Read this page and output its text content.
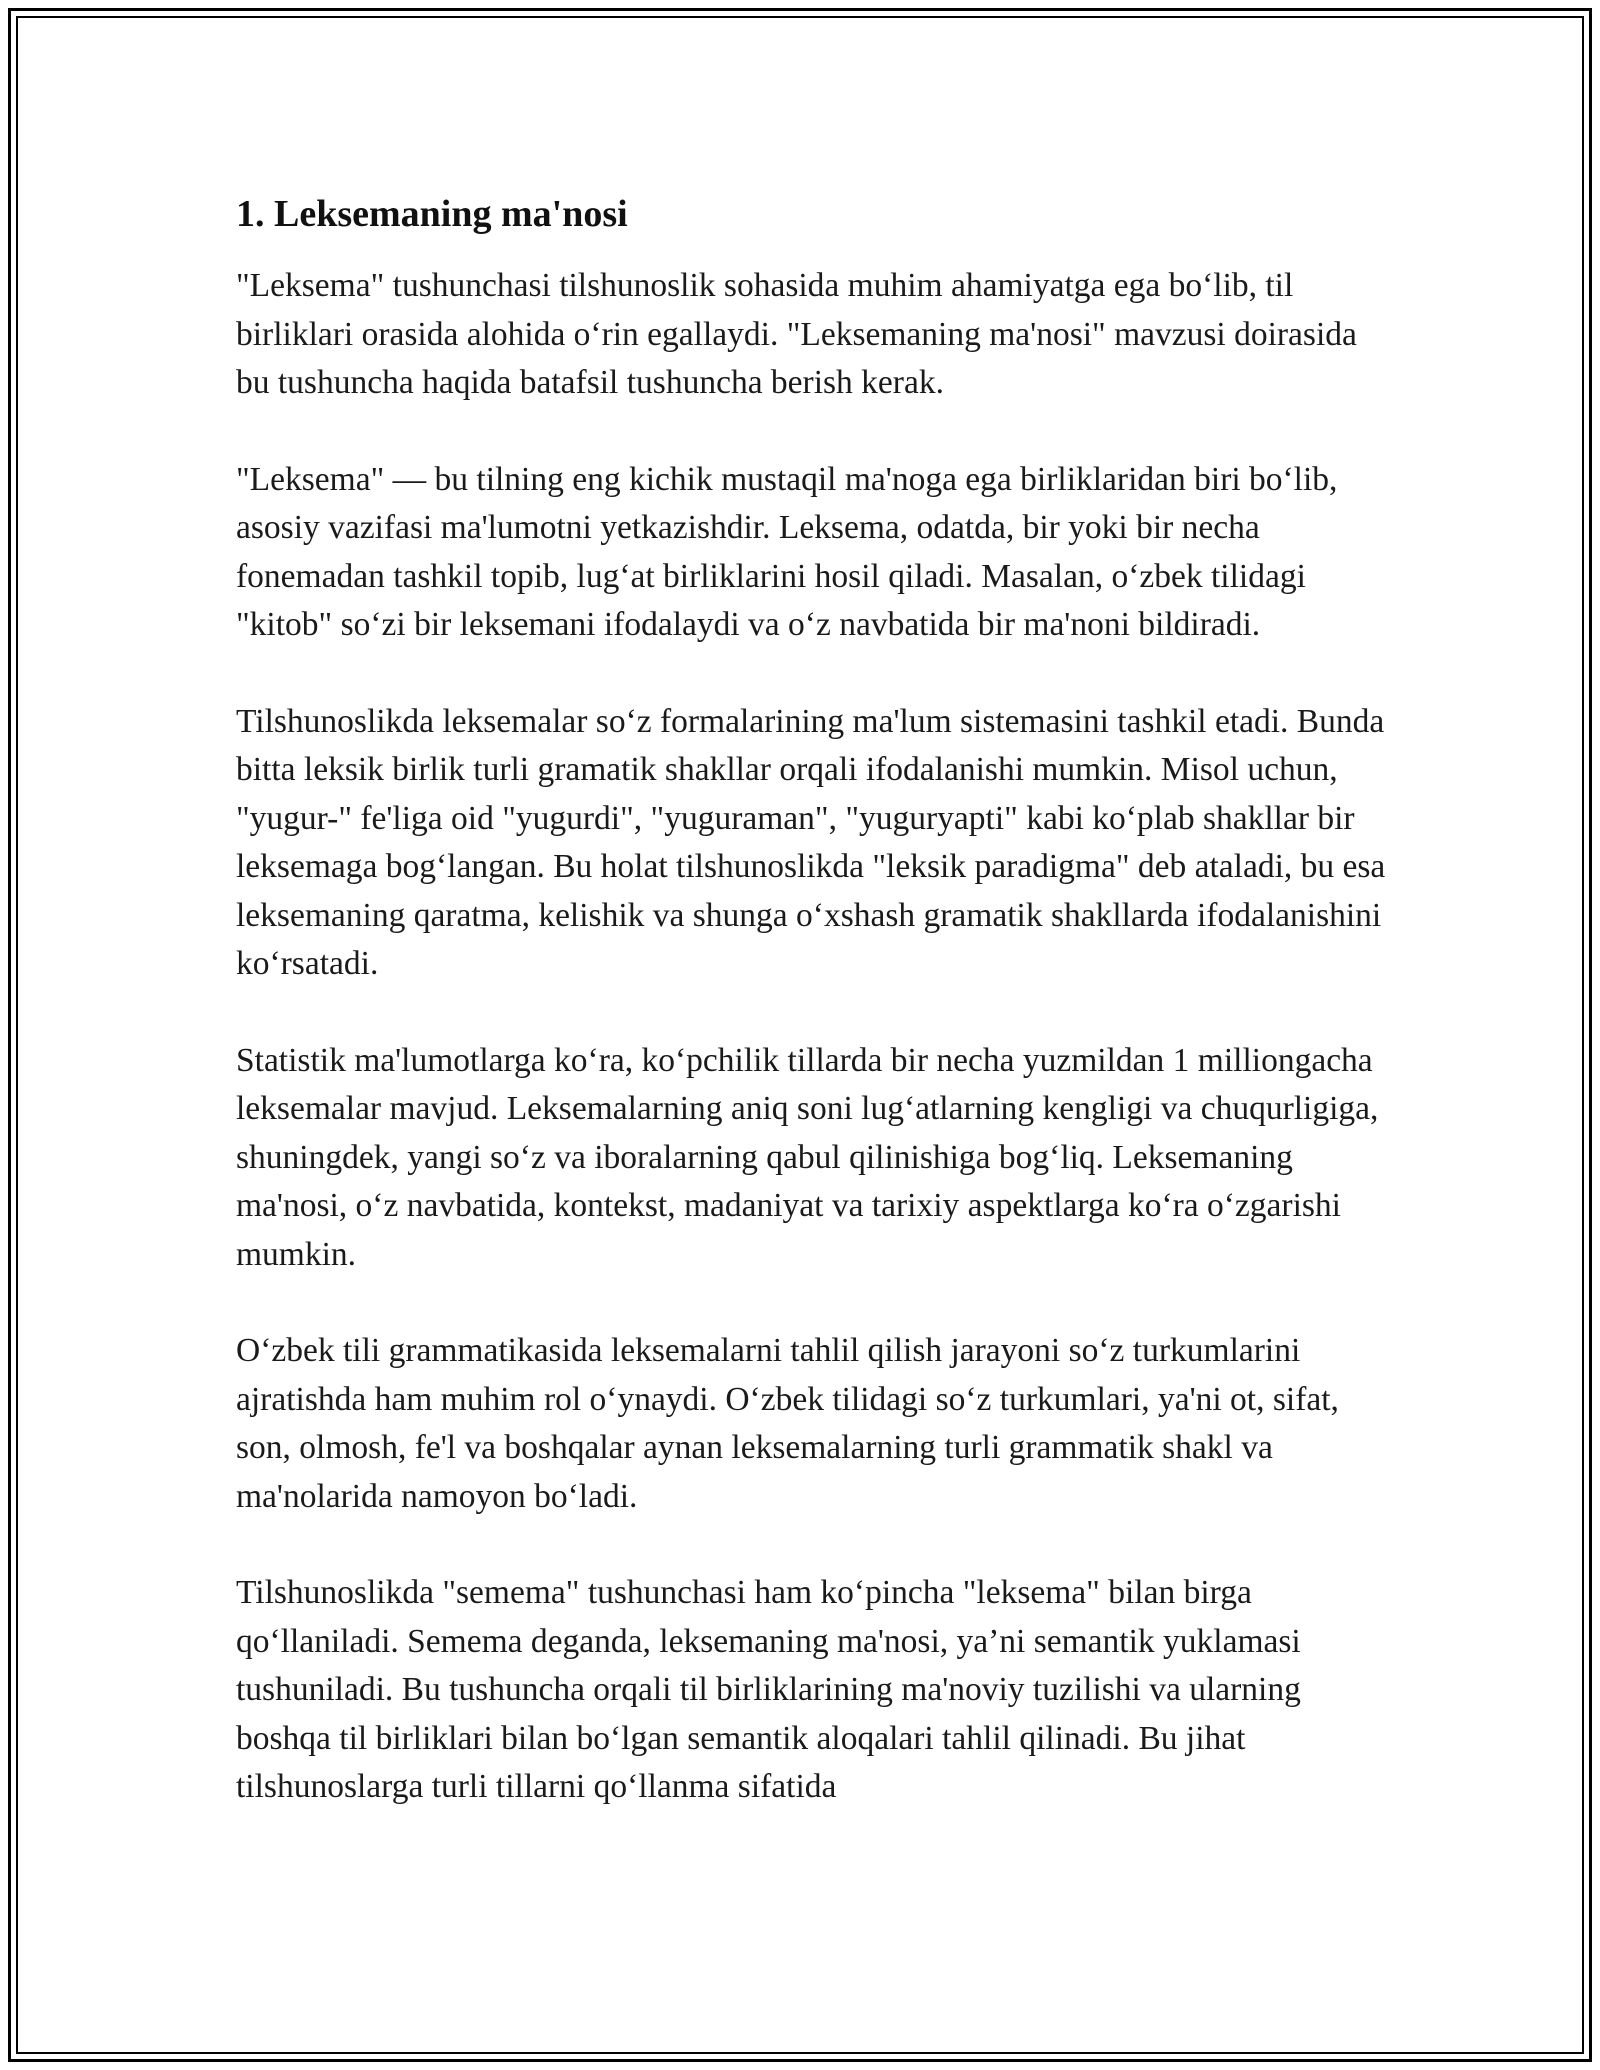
1. Leksemaning ma'nosi

"Leksema" tushunchasi tilshunoslik sohasida muhim ahamiyatga ega bo‘lib, til birliklari orasida alohida o‘rin egallaydi. "Leksemaning ma'nosi" mavzusi doirasida bu tushuncha haqida batafsil tushuncha berish kerak.

"Leksema" — bu tilning eng kichik mustaqil ma'noga ega birliklaridan biri bo‘lib, asosiy vazifasi ma'lumotni yetkazishdir. Leksema, odatda, bir yoki bir necha fonemadan tashkil topib, lug‘at birliklarini hosil qiladi. Masalan, o‘zbek tilidagi "kitob" so‘zi bir leksemani ifodalaydi va o‘z navbatida bir ma'noni bildiradi.

Tilshunoslikda leksemalar so‘z formalarining ma'lum sistemasini tashkil etadi. Bunda bitta leksik birlik turli gramatik shakllar orqali ifodalanishi mumkin. Misol uchun, "yugur-" fe'liga oid "yugurdi", "yuguraman", "yuguryapti" kabi ko‘plab shakllar bir leksemaga bog‘langan. Bu holat tilshunoslikda "leksik paradigma" deb ataladi, bu esa leksemaning qaratma, kelishik va shunga o‘xshash gramatik shakllarda ifodalanishini ko‘rsatadi.

Statistik ma'lumotlarga ko‘ra, ko‘pchilik tillarda bir necha yuzmildan 1 milliongacha leksemalar mavjud. Leksemalarning aniq soni lug‘atlarning kengligi va chuqurligiga, shuningdek, yangi so‘z va iboralarning qabul qilinishiga bog‘liq. Leksemaning ma'nosi, o‘z navbatida, kontekst, madaniyat va tarixiy aspektlarga ko‘ra o‘zgarishi mumkin.

O‘zbek tili grammatikasida leksemalarni tahlil qilish jarayoni so‘z turkumlarini ajratishda ham muhim rol o‘ynaydi. O‘zbek tilidagi so‘z turkumlari, ya'ni ot, sifat, son, olmosh, fe'l va boshqalar aynan leksemalarning turli grammatik shakl va ma'nolarida namoyon bo‘ladi.

Tilshunoslikda "semema" tushunchasi ham ko‘pincha "leksema" bilan birga qo‘llaniladi. Semema deganda, leksemaning ma'nosi, ya’ni semantik yuklamasi tushuniladi. Bu tushuncha orqali til birliklarining ma'noviy tuzilishi va ularning boshqa til birliklari bilan bo‘lgan semantik aloqalari tahlil qilinadi. Bu jihat tilshunoslarga turli tillarni qo‘llanma sifatida
